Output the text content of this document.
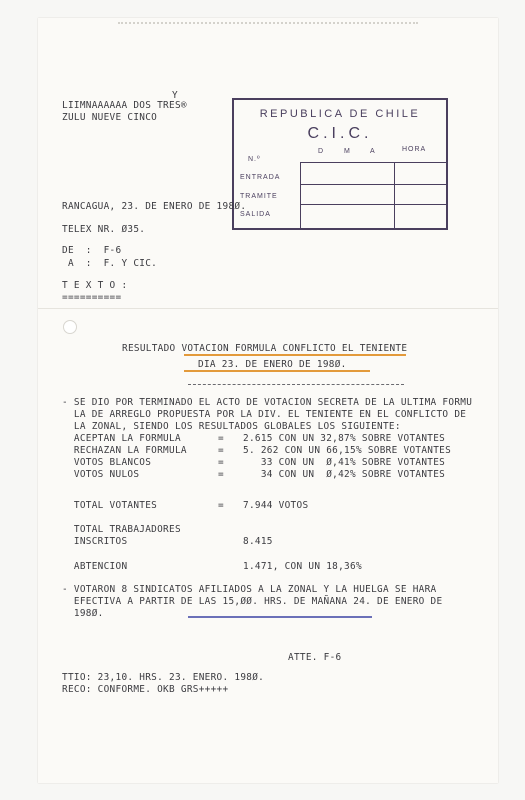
Y
LIIMNAAAAAA DOS TRES®
ZULU NUEVE CINCO	REPUBLICA DE CHILE
C.I.C.
N.º
D	M	A	HORA
ENTRADA
TRAMITE
SALIDA
RANCAGUA, 23. DE ENERO DE 198Ø.
TELEX NR. Ø35.
DE  :  F-6
A  :  F. Y CIC.
T E X T O :
==========
RESULTADO VOTACION FORMULA CONFLICTO EL TENIENTE
DIA 23. DE ENERO DE 198Ø.
- SE DIO POR TERMINADO EL ACTO DE VOTACION SECRETA DE LA ULTIMA FORMU
LA DE ARREGLO PROPUESTA POR LA DIV. EL TENIENTE EN EL CONFLICTO DE
LA ZONAL, SIENDO LOS RESULTADOS GLOBALES LOS SIGUIENTE:
ACEPTAN LA FORMULA	= 2.615 CON UN 32,87% SOBRE VOTANTES
RECHAZAN LA FORMULA	= 5. 262 CON UN 66,15% SOBRE VOTANTES
VOTOS BLANCOS	= 33 CON UN  Ø,41% SOBRE VOTANTES
VOTOS NULOS	= 34 CON UN  Ø,42% SOBRE VOTANTES
TOTAL VOTANTES	= 7.944 VOTOS
TOTAL TRABAJADORES
INSCRITOS	8.415
ABTENCION	1.471, CON UN 18,36%
- VOTARON 8 SINDICATOS AFILIADOS A LA ZONAL Y LA HUELGA SE HARA
EFECTIVA A PARTIR DE LAS 15,ØØ. HRS. DE MAÑANA 24. DE ENERO DE
198Ø.
ATTE. F-6
TTIO: 23,10. HRS. 23. ENERO. 198Ø.
RECO: CONFORME. OKB GRS+++++
